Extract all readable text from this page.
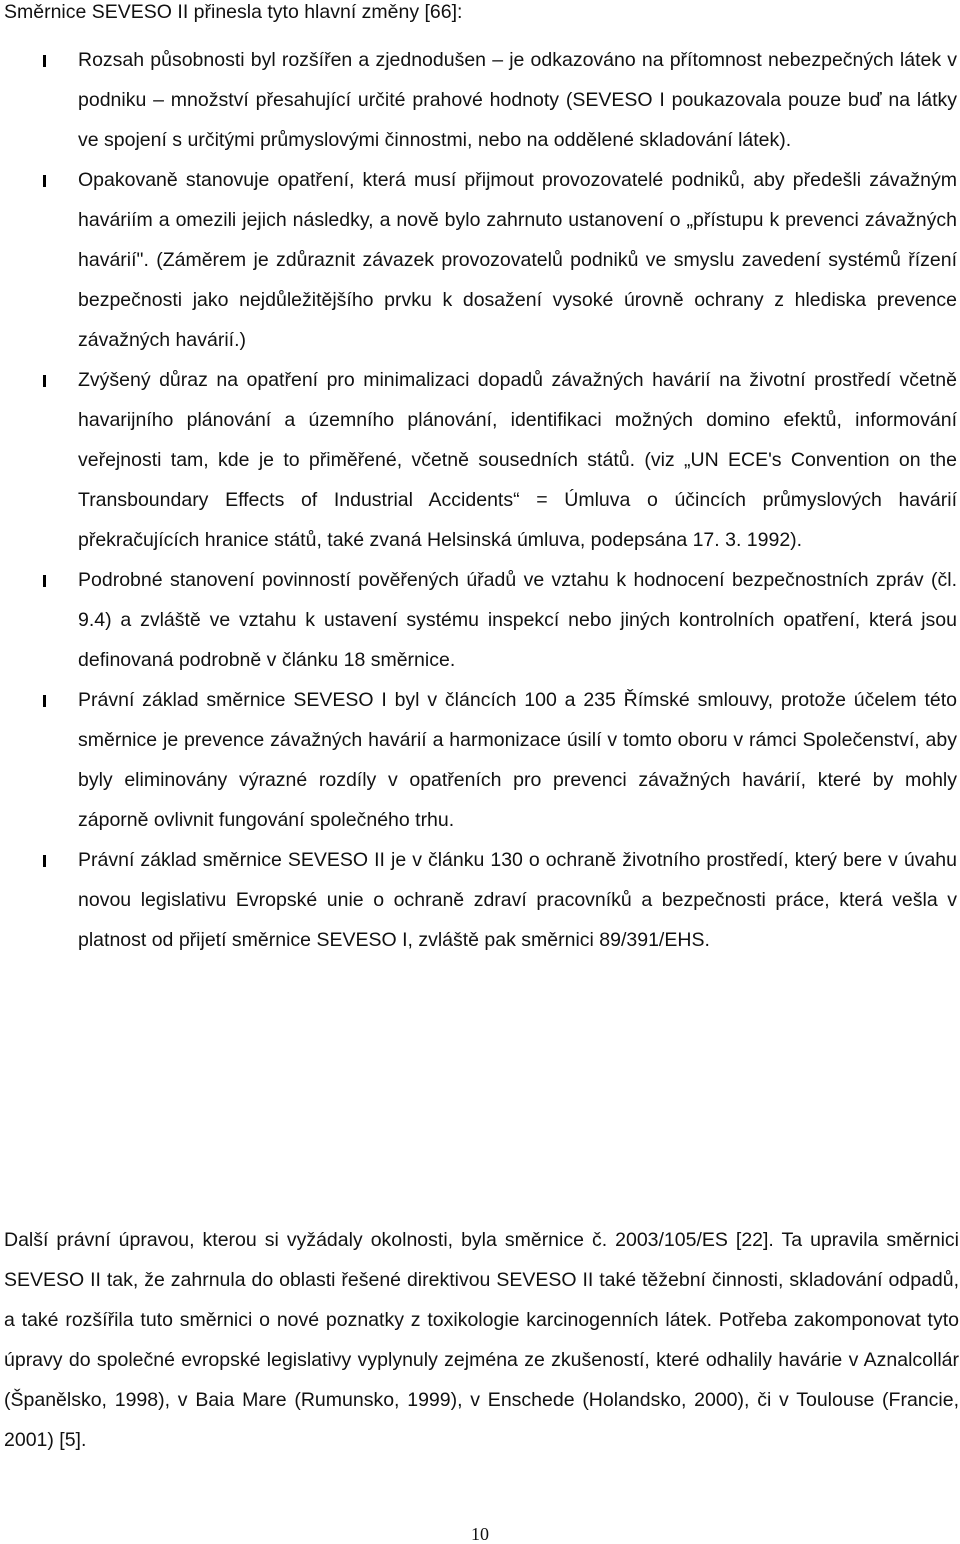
Směrnice SEVESO II přinesla tyto hlavní změny [66]:

Rozsah působnosti byl rozšířen a zjednodušen – je odkazováno na přítomnost nebezpečných látek v podniku – množství přesahující určité prahové hodnoty (SEVESO I poukazovala pouze buď na látky ve spojení s určitými průmyslovými činnostmi, nebo na oddělené skladování látek).
Opakovaně stanovuje opatření, která musí přijmout provozovatelé podniků, aby předešli závažným haváriím a omezili jejich následky, a nově bylo zahrnuto ustanovení o „přístupu k prevenci závažných havárií". (Záměrem je zdůraznit závazek provozovatelů podniků ve smyslu zavedení systémů řízení bezpečnosti jako nejdůležitějšího prvku k dosažení vysoké úrovně ochrany z hlediska prevence závažných havárií.)
Zvýšený důraz na opatření pro minimalizaci dopadů závažných havárií na životní prostředí včetně havarijního plánování a územního plánování, identifikaci možných domino efektů, informování veřejnosti tam, kde je to přiměřené, včetně sousedních států. (viz „UN ECE's Convention on the Transboundary Effects of Industrial Accidents“ = Úmluva o účincích průmyslových havárií překračujících hranice států, také zvaná Helsinská úmluva, podepsána 17. 3. 1992).
Podrobné stanovení povinností pověřených úřadů ve vztahu k hodnocení bezpečnostních zpráv (čl. 9.4) a zvláště ve vztahu k ustavení systému inspekcí nebo jiných kontrolních opatření, která jsou definovaná podrobně v článku 18 směrnice.
Právní základ směrnice SEVESO I byl v článcích 100 a 235 Římské smlouvy, protože účelem této směrnice je prevence závažných havárií a harmonizace úsilí v tomto oboru v rámci Společenství, aby byly eliminovány výrazné rozdíly v opatřeních pro prevenci závažných havárií, které by mohly záporně ovlivnit fungování společného trhu.
Právní základ směrnice SEVESO II je v článku 130 o ochraně životního prostředí, který bere v úvahu novou legislativu Evropské unie o ochraně zdraví pracovníků a bezpečnosti práce, která vešla v platnost od přijetí směrnice SEVESO I, zvláště pak směrnici 89/391/EHS.

Další právní úpravou, kterou si vyžádaly okolnosti, byla směrnice č. 2003/105/ES [22]. Ta upravila směrnici SEVESO II tak, že zahrnula do oblasti řešené direktivou SEVESO II také těžební činnosti, skladování odpadů, a také rozšířila tuto směrnici o nové poznatky z toxikologie karcinogenních látek. Potřeba zakomponovat tyto úpravy do společné evropské legislativy vyplynuly zejména ze zkušeností, které odhalily havárie v Aznalcollár (Španělsko, 1998), v Baia Mare (Rumunsko, 1999), v Enschede (Holandsko, 2000), či v Toulouse (Francie, 2001) [5].

10
